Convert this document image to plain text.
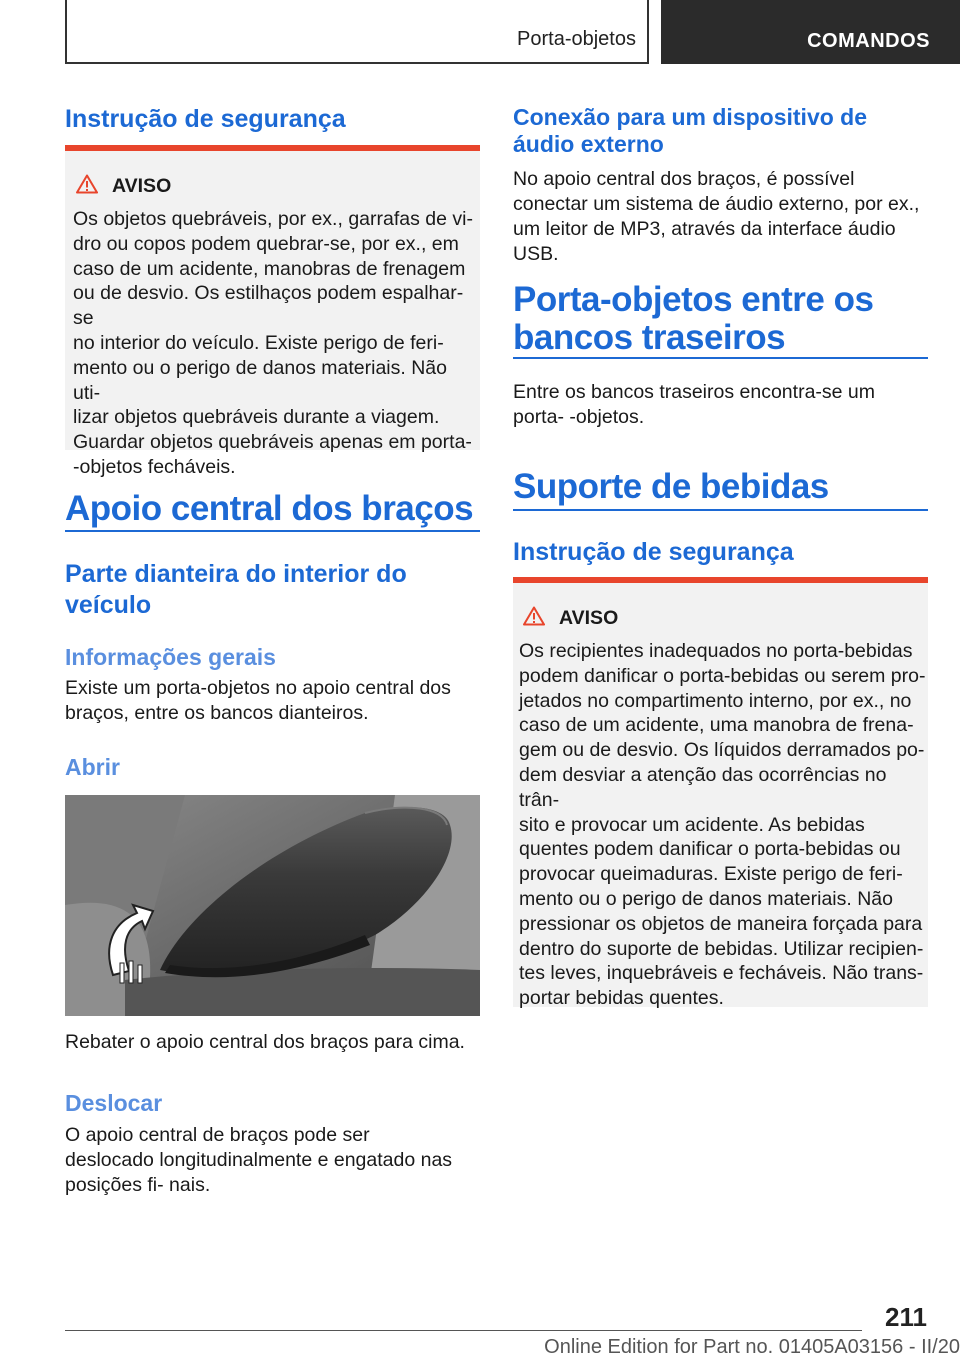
Porta-objetos	COMANDOS
Instrução de segurança
AVISO
Os objetos quebráveis, por ex., garrafas de vi‐
dro ou copos podem quebrar-se, por ex., em
caso de um acidente, manobras de frenagem
ou de desvio. Os estilhaços podem espalhar-se
no interior do veículo. Existe perigo de feri‐
mento ou o perigo de danos materiais. Não uti‐
lizar objetos quebráveis durante a viagem.
Guardar objetos quebráveis apenas em porta-
-objetos fecháveis.
Apoio central dos braços
Parte dianteira do interior do veículo
Informações gerais

Existe um porta-objetos no apoio central dos braços, entre os bancos dianteiros.

Abrir

Rebater o apoio central dos braços para cima.

Deslocar

O apoio central de braços pode ser deslocado longitudinalmente e engatado nas posições fi‐ nais.

Conexão para um dispositivo de áudio externo

No apoio central dos braços, é possível conectar um sistema de áudio externo, por ex., um leitor de MP3, através da interface áudio USB.

Porta-objetos entre os bancos traseiros

Entre os bancos traseiros encontra-se um porta- -objetos.

Suporte de bebidas
Instrução de segurança
AVISO
Os recipientes inadequados no porta-bebidas
podem danificar o porta-bebidas ou serem pro‐
jetados no compartimento interno, por ex., no
caso de um acidente, uma manobra de frena‐
gem ou de desvio. Os líquidos derramados po‐
dem desviar a atenção das ocorrências no trân‐
sito e provocar um acidente. As bebidas
quentes podem danificar o porta-bebidas ou
provocar queimaduras. Existe perigo de feri‐
mento ou o perigo de danos materiais. Não
pressionar os objetos de maneira forçada para
dentro do suporte de bebidas. Utilizar recipien‐
tes leves, inquebráveis e fecháveis. Não trans‐
portar bebidas quentes.
211
Online Edition for Part no. 01405A03156 - II/20
